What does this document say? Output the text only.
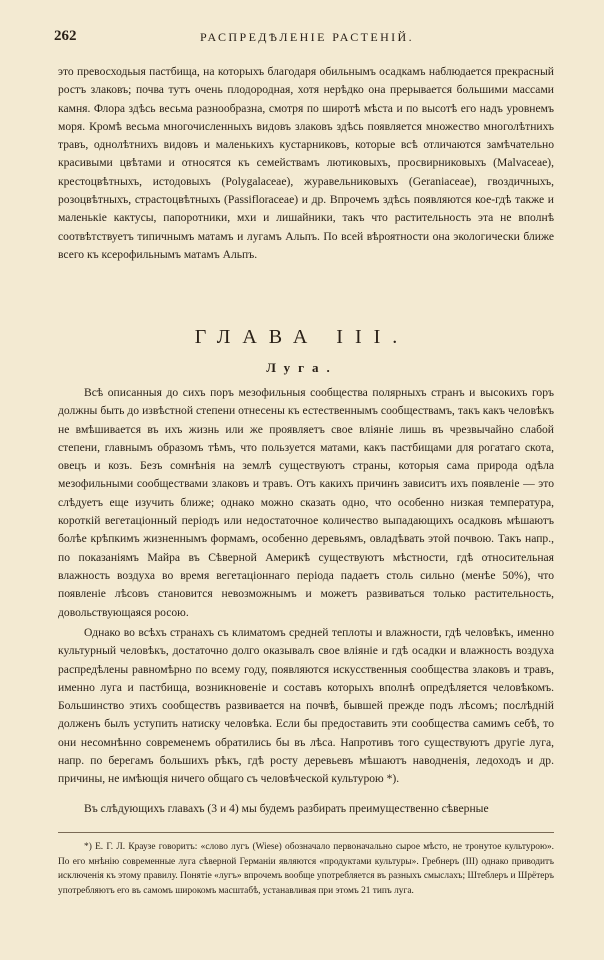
262	РАСПРЕДѢЛЕНІЕ РАСТЕНІЙ.

это превосходьыя пастбища, на которыхъ благодаря обильнымъ осадкамъ наблюдается прекрасный ростъ злаковъ; почва тутъ очень плодородная, хотя нерѣдко она прерывается большими массами камня. Флора здѣсь весьма разнообразна, смотря по широтѣ мѣста и по высотѣ его надъ уровнемъ моря. Кромѣ весьма многочисленныхъ видовъ злаковъ здѣсь появляется множество многолѣтнихъ травъ, однолѣтнихъ видовъ и маленькихъ кустарниковъ, которые всѣ отличаются замѣчательно красивыми цвѣтами и относятся къ семействамъ лютиковыхъ, просвирниковыхъ (Malvaceae), крестоцвѣтныхъ, истодовыхъ (Polygalaceae), журавельниковыхъ (Geraniaceae), гвоздичныхъ, розоцвѣтныхъ, страстоцвѣтныхъ (Passifloraceae) и др. Впрочемъ здѣсь появляются кое-гдѣ также и маленькіе кактусы, папоротники, мхи и лишайники, такъ что растительность эта не вполнѣ соотвѣтствуетъ типичнымъ матамъ и лугамъ Альпъ. По всей вѣроятности она экологически ближе всего къ ксерофильнымъ матамъ Альпъ.

ГЛАВА III.
Луга.

Всѣ описанныя до сихъ поръ мезофильныя сообщества полярныхъ странъ и высокихъ горъ должны быть до извѣстной степени отнесены къ естественнымъ сообществамъ, такъ какъ человѣкъ не вмѣшивается въ ихъ жизнь или же проявляетъ свое вліяніе лишь въ чрезвычайно слабой степени, главнымъ образомъ тѣмъ, что пользуется матами, какъ пастбищами для рогатаго скота, овецъ и козъ. Безъ сомнѣнія на землѣ существуютъ страны, которыя сама природа одѣла мезофильными сообществами злаковъ и травъ. Отъ какихъ причинъ зависитъ ихъ появленіе — это слѣдуетъ еще изучить ближе; однако можно сказать одно, что особенно низкая температура, короткій вегетаціонный періодъ или недостаточное количество выпадающихъ осадковъ мѣшаютъ болѣе крѣпкимъ жизненнымъ формамъ, особенно деревьямъ, овладѣвать этой почвою. Такъ напр., по показаніямъ Майра въ Сѣверной Америкѣ существуютъ мѣстности, гдѣ относительная влажность воздуха во время вегетаціоннаго періода падаетъ столь сильно (менѣе 50%), что появленіе лѣсовъ становится невозможнымъ и можетъ развиваться только растительность, довольствующаяся росою.

Однако во всѣхъ странахъ съ климатомъ средней теплоты и влажности, гдѣ человѣкъ, именно культурный человѣкъ, достаточно долго оказывалъ свое вліяніе и гдѣ осадки и влажность воздуха распредѣлены равномѣрно по всему году, появляются искусственныя сообщества злаковъ и травъ, именно луга и пастбища, возникновеніе и составъ которыхъ вполнѣ опредѣляется человѣкомъ. Большинство этихъ сообществъ развивается на почвѣ, бывшей прежде подъ лѣсомъ; послѣдній долженъ былъ уступить натиску человѣка. Если бы предоставить эти сообщества самимъ себѣ, то они несомнѣнно современемъ обратились бы въ лѣса. Напротивъ того существуютъ другіе луга, напр. по берегамъ большихъ рѣкъ, гдѣ росту деревьевъ мѣшаютъ наводненія, ледоходъ и др. причины, не имѣющія ничего общаго съ человѣческой культурою *).

Въ слѣдующихъ главахъ (3 и 4) мы будемъ разбирать преимущественно сѣверные

*) Е. Г. Л. Краузе говоритъ: «слово лугъ (Wiese) обозначало первоначально сырое мѣсто, не тронутое культурою». По его мнѣнію современные луга сѣверной Германіи являются «продуктами культуры». Гребнеръ (III) однако приводитъ исключенія къ этому правилу. Понятіе «лугъ» впрочемъ вообще употребляется въ разныхъ смыслахъ; Штеблеръ и Шрётеръ употребляютъ его въ самомъ широкомъ масштабѣ, устанавливая при этомъ 21 типъ луга.
